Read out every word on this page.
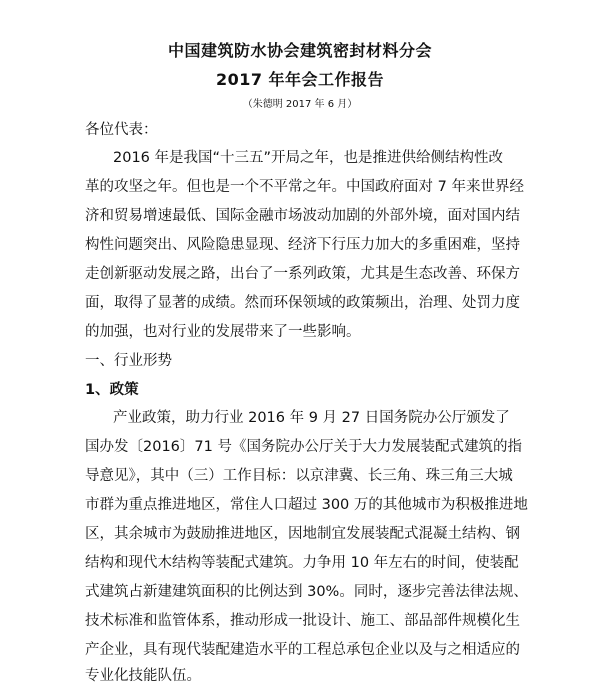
中国建筑防水协会建筑密封材料分会
2017 年年会工作报告
（朱德明 2017 年 6 月）
各位代表：
2016 年是我国“十三五”开局之年，也是推进供给侧结构性改
革的攻坚之年。但也是一个不平常之年。中国政府面对 7 年来世界经
济和贸易增速最低、国际金融市场波动加剧的外部外境，面对国内结
构性问题突出、风险隐患显现、经济下行压力加大的多重困难，坚持
走创新驱动发展之路，出台了一系列政策，尤其是生态改善、环保方
面，取得了显著的成绩。然而环保领域的政策频出，治理、处罚力度
的加强，也对行业的发展带来了一些影响。
一、行业形势
1、政策
产业政策，助力行业 2016 年 9 月 27 日国务院办公厅颁发了
国办发〔2016〕71 号《国务院办公厅关于大力发展装配式建筑的指
导意见》，其中（三）工作目标：以京津冀、长三角、珠三角三大城
市群为重点推进地区，常住人口超过 300 万的其他城市为积极推进地
区，其余城市为鼓励推进地区，因地制宜发展装配式混凝土结构、钢
结构和现代木结构等装配式建筑。力争用 10 年左右的时间，使装配
式建筑占新建建筑面积的比例达到 30%。同时，逐步完善法律法规、
技术标准和监管体系，推动形成一批设计、施工、部品部件规模化生
产企业，具有现代装配建造水平的工程总承包企业以及与之相适应的
专业化技能队伍。
